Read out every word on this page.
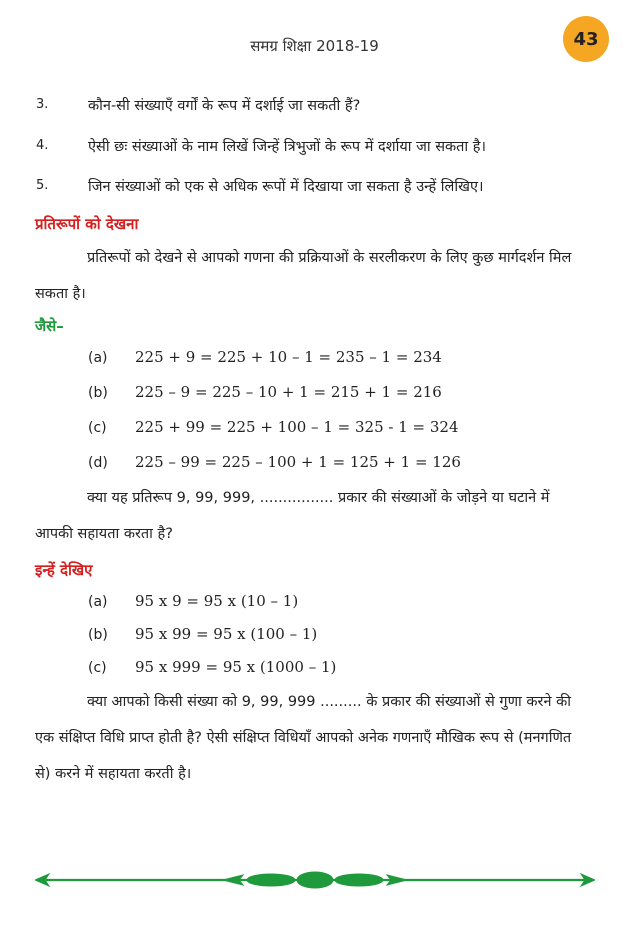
समग्र शिक्षा 2018-19	43
3.	कौन-सी संख्याएँ वर्गों के रूप में दर्शाई जा सकती हैं?
4.	ऐसी छः संख्याओं के नाम लिखें जिन्हें त्रिभुजों के रूप में दर्शाया जा सकता है।
5.	जिन संख्याओं को एक से अधिक रूपों में दिखाया जा सकता है उन्हें लिखिए।
प्रतिरूपों को देखना
प्रतिरूपों को देखने से आपको गणना की प्रक्रियाओं के सरलीकरण के लिए कुछ मार्गदर्शन मिल सकता है।
जैसे–
(a) 225 + 9 = 225 + 10 – 1 = 235 – 1 = 234
(b) 225 – 9 = 225 – 10 + 1 = 215 + 1 = 216
(c) 225 + 99 = 225 + 100 – 1 = 325 - 1 = 324
(d) 225 – 99 = 225 – 100 + 1 = 125 + 1 = 126
क्या यह प्रतिरूप 9, 99, 999, ................ प्रकार की संख्याओं के जोड़ने या घटाने में आपकी सहायता करता है?
इन्हें देखिए
(a) 95 x 9 = 95 x (10 – 1)
(b) 95 x 99 = 95 x (100 – 1)
(c) 95 x 999 = 95 x (1000 – 1)
क्या आपको किसी संख्या को 9, 99, 999 ......... के प्रकार की संख्याओं से गुणा करने की एक संक्षिप्त विधि प्राप्त होती है? ऐसी संक्षिप्त विधियाँ आपको अनेक गणनाएँ मौखिक रूप से (मनगणित से) करने में सहायता करती है।
